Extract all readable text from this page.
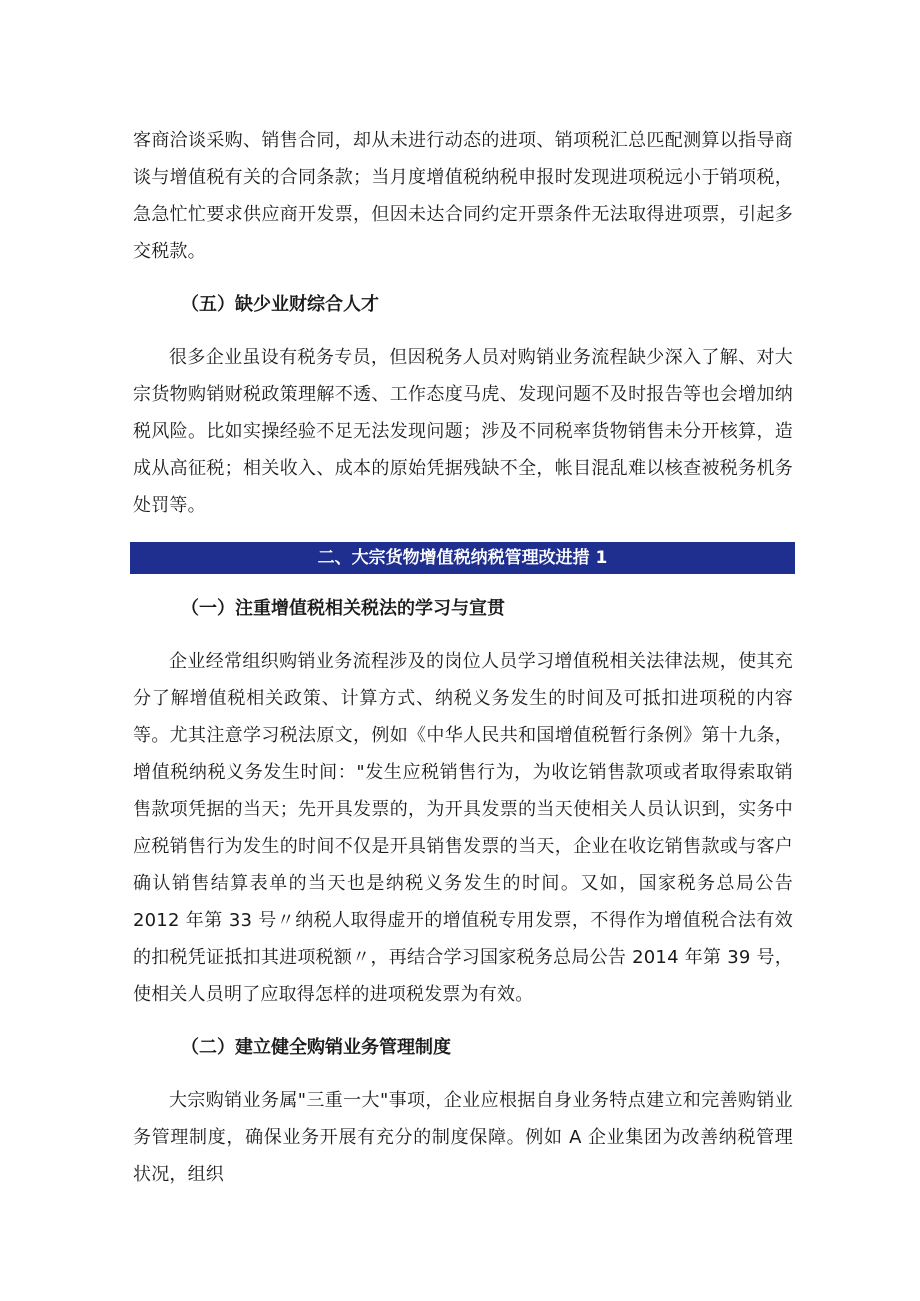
客商洽谈采购、销售合同，却从未进行动态的进项、销项税汇总匹配测算以指导商谈与增值税有关的合同条款；当月度增值税纳税申报时发现进项税远小于销项税，急急忙忙要求供应商开发票，但因未达合同约定开票条件无法取得进项票，引起多交税款。

（五）缺少业财综合人才

很多企业虽设有税务专员，但因税务人员对购销业务流程缺少深入了解、对大宗货物购销财税政策理解不透、工作态度马虎、发现问题不及时报告等也会增加纳税风险。比如实操经验不足无法发现问题；涉及不同税率货物销售未分开核算，造成从高征税；相关收入、成本的原始凭据残缺不全，帐目混乱难以核查被税务机务处罚等。

二、大宗货物增值税纳税管理改进措 1
（一）注重增值税相关税法的学习与宣贯

企业经常组织购销业务流程涉及的岗位人员学习增值税相关法律法规，使其充分了解增值税相关政策、计算方式、纳税义务发生的时间及可抵扣进项税的内容等。尤其注意学习税法原文，例如《中华人民共和国增值税暂行条例》第十九条，增值税纳税义务发生时间："发生应税销售行为，为收讫销售款项或者取得索取销售款项凭据的当天；先开具发票的，为开具发票的当天使相关人员认识到，实务中应税销售行为发生的时间不仅是开具销售发票的当天，企业在收讫销售款或与客户确认销售结算表单的当天也是纳税义务发生的时间。又如，国家税务总局公告 2012 年第 33 号〃纳税人取得虚开的增值税专用发票，不得作为增值税合法有效的扣税凭证抵扣其进项税额〃，再结合学习国家税务总局公告 2014 年第 39 号，使相关人员明了应取得怎样的进项税发票为有效。

（二）建立健全购销业务管理制度

大宗购销业务属"三重一大"事项，企业应根据自身业务特点建立和完善购销业务管理制度，确保业务开展有充分的制度保障。例如 A 企业集团为改善纳税管理状况，组织
